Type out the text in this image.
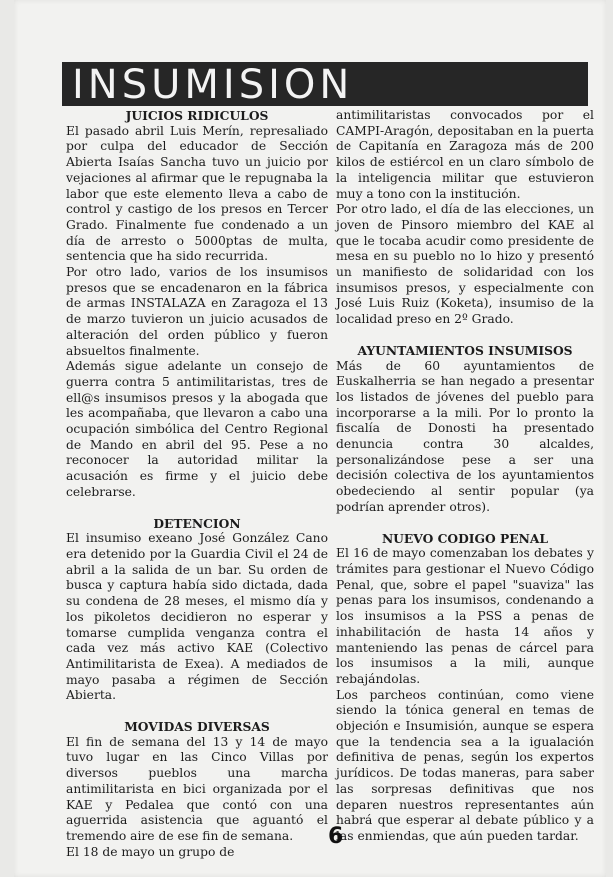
INSUMISION
JUICIOS RIDICULOS

El pasado abril Luis Merín, represaliado por culpa del educador de Sección Abierta Isaías Sancha tuvo un juicio por vejaciones al afirmar que le repugnaba la labor que este elemento lleva a cabo de control y castigo de los presos en Tercer Grado. Finalmente fue condenado a un día de arresto o 5000ptas de multa, sentencia que ha sido recurrida.

Por otro lado, varios de los insumisos presos que se encadenaron en la fábrica de armas INSTALAZA en Zaragoza el 13 de marzo tuvieron un juicio acusados de alteración del orden público y fueron absueltos finalmente.

Además sigue adelante un consejo de guerra contra 5 antimilitaristas, tres de ell@s insumisos presos y la abogada que les acompañaba, que llevaron a cabo una ocupación simbólica del Centro Regional de Mando en abril del 95. Pese a no reconocer la autoridad militar la acusación es firme y el juicio debe celebrarse.

DETENCION

El insumiso exeano José González Cano era detenido por la Guardia Civil el 24 de abril a la salida de un bar. Su orden de busca y captura había sido dictada, dada su condena de 28 meses, el mismo día y los pikoletos decidieron no esperar y tomarse cumplida venganza contra el cada vez más activo KAE (Colectivo Antimilitarista de Exea). A mediados de mayo pasaba a régimen de Sección Abierta.

MOVIDAS DIVERSAS

El fin de semana del 13 y 14 de mayo tuvo lugar en las Cinco Villas por diversos pueblos una marcha antimilitarista en bici organizada por el KAE y Pedalea que contó con una aguerrida asistencia que aguantó el tremendo aire de ese fin de semana.

El 18 de mayo un grupo de

antimilitaristas convocados por el CAMPI-Aragón, depositaban en la puerta de Capitanía en Zaragoza más de 200 kilos de estiércol en un claro símbolo de la inteligencia militar que estuvieron muy a tono con la institución.

Por otro lado, el día de las elecciones, un joven de Pinsoro miembro del KAE al que le tocaba acudir como presidente de mesa en su pueblo no lo hizo y presentó un manifiesto de solidaridad con los insumisos presos, y especialmente con José Luis Ruiz (Koketa), insumiso de la localidad preso en 2º Grado.

AYUNTAMIENTOS INSUMISOS

Más de 60 ayuntamientos de Euskalherria se han negado a presentar los listados de jóvenes del pueblo para incorporarse a la mili. Por lo pronto la fiscalía de Donosti ha presentado denuncia contra 30 alcaldes, personalizándose pese a ser una decisión colectiva de los ayuntamientos obedeciendo al sentir popular (ya podrían aprender otros).

NUEVO CODIGO PENAL

El 16 de mayo comenzaban los debates y trámites para gestionar el Nuevo Código Penal, que, sobre el papel "suaviza" las penas para los insumisos, condenando a los insumisos a la PSS a penas de inhabilitación de hasta 14 años y manteniendo las penas de cárcel para los insumisos a la mili, aunque rebajándolas.

Los parcheos continúan, como viene siendo la tónica general en temas de objeción e Insumisión, aunque se espera que la tendencia sea a la igualación definitiva de penas, según los expertos jurídicos. De todas maneras, para saber las sorpresas definitivas que nos deparen nuestros representantes aún habrá que esperar al debate público y a las enmiendas, que aún pueden tardar.

6
